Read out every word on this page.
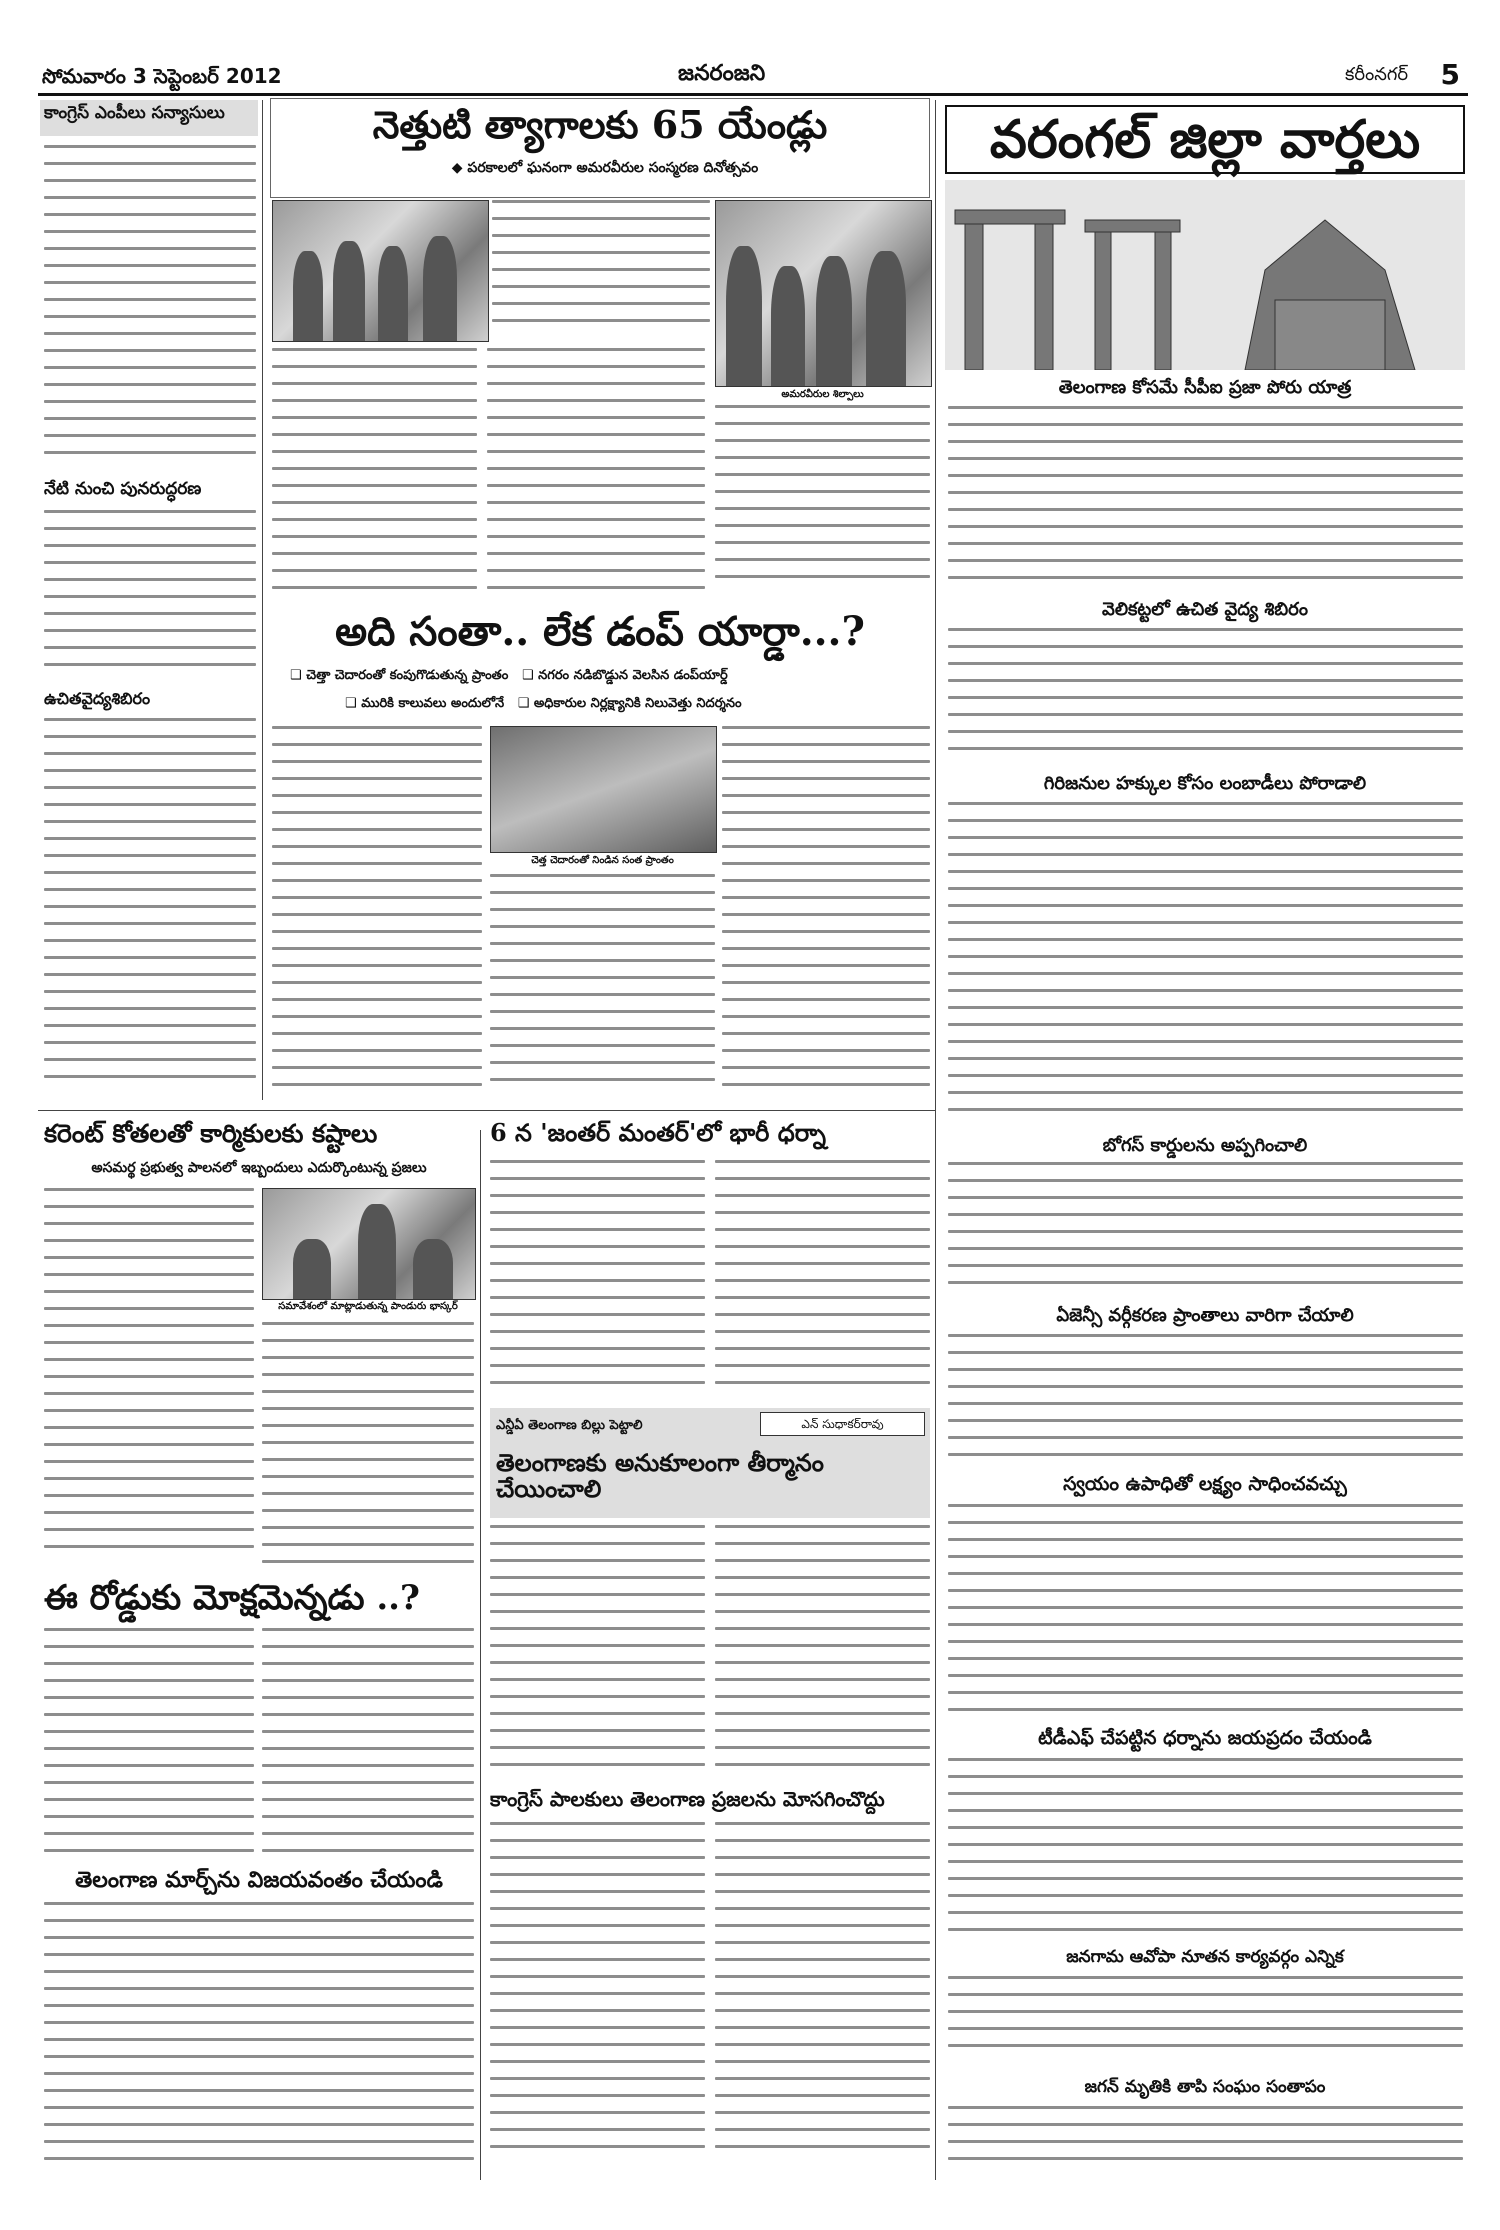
సోమవారం 3 సెప్టెంబర్ 2012	జనరంజని	కరీంనగర్ 5
కాంగ్రెస్ ఎంపీలు సన్యాసులు
నేటి నుంచి పునరుద్ధరణ
ఉచితవైద్యశిబిరం
నెత్తుటి త్యాగాలకు 65 యేండ్లు
◆ పరకాలలో ఘనంగా అమరవీరుల సంస్మరణ దినోత్సవం
అమరవీరుల శిల్పాలు
అది సంతా.. లేక డంప్ యార్డా...?
❑ చెత్తా చెదారంతో కంపుగొడుతున్న ప్రాంతం ❑ నగరం నడిబొడ్డున వెలసిన డంప్‌యార్డ్
❑ మురికి కాలువలు అందులోనే ❑ అధికారుల నిర్లక్ష్యానికి నిలువెత్తు నిదర్శనం
చెత్త చెదారంతో నిండిన సంత ప్రాంతం
కరెంట్ కోతలతో కార్మికులకు కష్టాలు
అసమర్థ ప్రభుత్వ పాలనలో ఇబ్బందులు ఎదుర్కొంటున్న ప్రజలు
సమావేశంలో మాట్లాడుతున్న పాండురు భాస్కర్
ఈ రోడ్డుకు మోక్షమెన్నడు ..?
తెలంగాణ మార్చ్‌ను విజయవంతం చేయండి
6 న 'జంతర్ మంతర్'లో భారీ ధర్నా
ఎన్డీఏ తెలంగాణ బిల్లు పెట్టాలి	ఎన్ సుధాకర్‌రావు
తెలంగాణకు అనుకూలంగా తీర్మానం చేయించాలి
కాంగ్రెస్ పాలకులు తెలంగాణ ప్రజలను మోసగించొద్దు
వరంగల్ జిల్లా వార్తలు
తెలంగాణ కోసమే సీపీఐ ప్రజా పోరు యాత్ర
వెలికట్టలో ఉచిత వైద్య శిబిరం
గిరిజనుల హక్కుల కోసం లంబాడీలు పోరాడాలి
బోగస్ కార్డులను అప్పగించాలి
ఏజెన్సీ వర్గీకరణ ప్రాంతాలు వారిగా చేయాలి
స్వయం ఉపాధితో లక్ష్యం సాధించవచ్చు
టీడీఎఫ్ చేపట్టిన ధర్నాను జయప్రదం చేయండి
జనగామ ఆవోపా నూతన కార్యవర్గం ఎన్నిక
జగన్ మృతికి తాపి సంఘం సంతాపం
